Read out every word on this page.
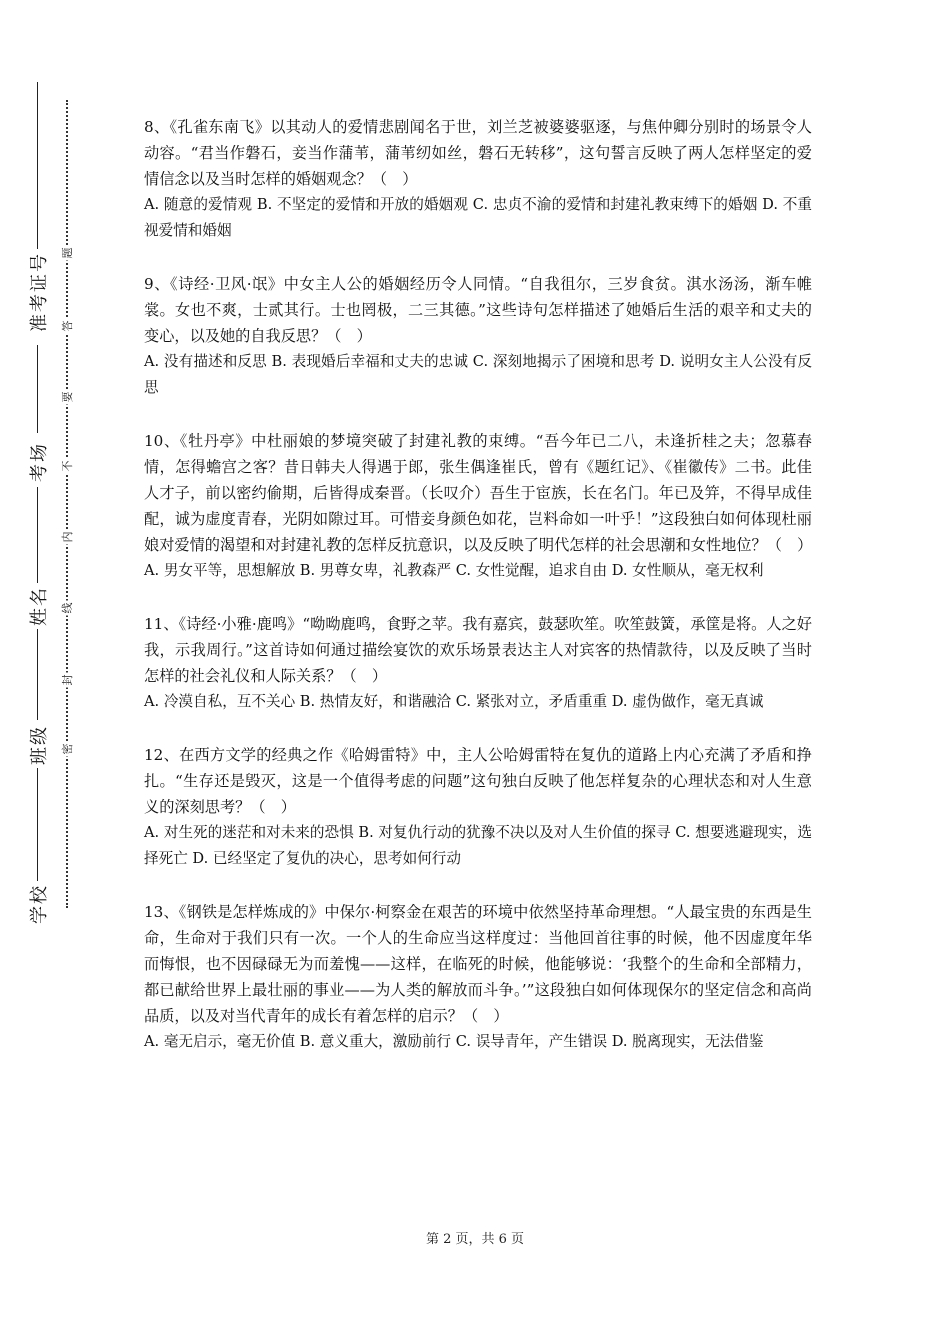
准考证号
考场
姓名
班级
学校
题
答
要
不
内
线
封
密

8、《孔雀东南飞》以其动人的爱情悲剧闻名于世，刘兰芝被婆婆驱逐，与焦仲卿分别时的场景令人动容。“君当作磐石，妾当作蒲苇，蒲苇纫如丝，磐石无转移”，这句誓言反映了两人怎样坚定的爱情信念以及当时怎样的婚姻观念？（　）

A. 随意的爱情观 B. 不坚定的爱情和开放的婚姻观 C. 忠贞不渝的爱情和封建礼教束缚下的婚姻 D. 不重视爱情和婚姻

9、《诗经·卫风·氓》中女主人公的婚姻经历令人同情。“自我徂尔，三岁食贫。淇水汤汤，渐车帷裳。女也不爽，士贰其行。士也罔极，二三其德。”这些诗句怎样描述了她婚后生活的艰辛和丈夫的变心，以及她的自我反思？（　）

A. 没有描述和反思 B. 表现婚后幸福和丈夫的忠诚 C. 深刻地揭示了困境和思考 D. 说明女主人公没有反思

10、《牡丹亭》中杜丽娘的梦境突破了封建礼教的束缚。“吾今年已二八，未逢折桂之夫；忽慕春情，怎得蟾宫之客？昔日韩夫人得遇于郎，张生偶逢崔氏，曾有《题红记》、《崔徽传》二书。此佳人才子，前以密约偷期，后皆得成秦晋。（长叹介）吾生于宦族，长在名门。年已及笄，不得早成佳配，诚为虚度青春，光阴如隙过耳。可惜妾身颜色如花，岂料命如一叶乎！”这段独白如何体现杜丽娘对爱情的渴望和对封建礼教的怎样反抗意识，以及反映了明代怎样的社会思潮和女性地位？（　）

A. 男女平等，思想解放 B. 男尊女卑，礼教森严 C. 女性觉醒，追求自由 D. 女性顺从，毫无权利

11、《诗经·小雅·鹿鸣》“呦呦鹿鸣，食野之苹。我有嘉宾，鼓瑟吹笙。吹笙鼓簧，承筐是将。人之好我，示我周行。”这首诗如何通过描绘宴饮的欢乐场景表达主人对宾客的热情款待，以及反映了当时怎样的社会礼仪和人际关系？（　）

A. 冷漠自私，互不关心 B. 热情友好，和谐融洽 C. 紧张对立，矛盾重重 D. 虚伪做作，毫无真诚

12、在西方文学的经典之作《哈姆雷特》中，主人公哈姆雷特在复仇的道路上内心充满了矛盾和挣扎。“生存还是毁灭，这是一个值得考虑的问题”这句独白反映了他怎样复杂的心理状态和对人生意义的深刻思考？（　）

A. 对生死的迷茫和对未来的恐惧 B. 对复仇行动的犹豫不决以及对人生价值的探寻 C. 想要逃避现实，选择死亡 D. 已经坚定了复仇的决心，思考如何行动

13、《钢铁是怎样炼成的》中保尔·柯察金在艰苦的环境中依然坚持革命理想。“人最宝贵的东西是生命，生命对于我们只有一次。一个人的生命应当这样度过：当他回首往事的时候，他不因虚度年华而悔恨，也不因碌碌无为而羞愧——这样，在临死的时候，他能够说：‘我整个的生命和全部精力，都已献给世界上最壮丽的事业——为人类的解放而斗争。’”这段独白如何体现保尔的坚定信念和高尚品质，以及对当代青年的成长有着怎样的启示？（　）

A. 毫无启示，毫无价值 B. 意义重大，激励前行 C. 误导青年，产生错误 D. 脱离现实，无法借鉴

第 2 页，共 6 页
